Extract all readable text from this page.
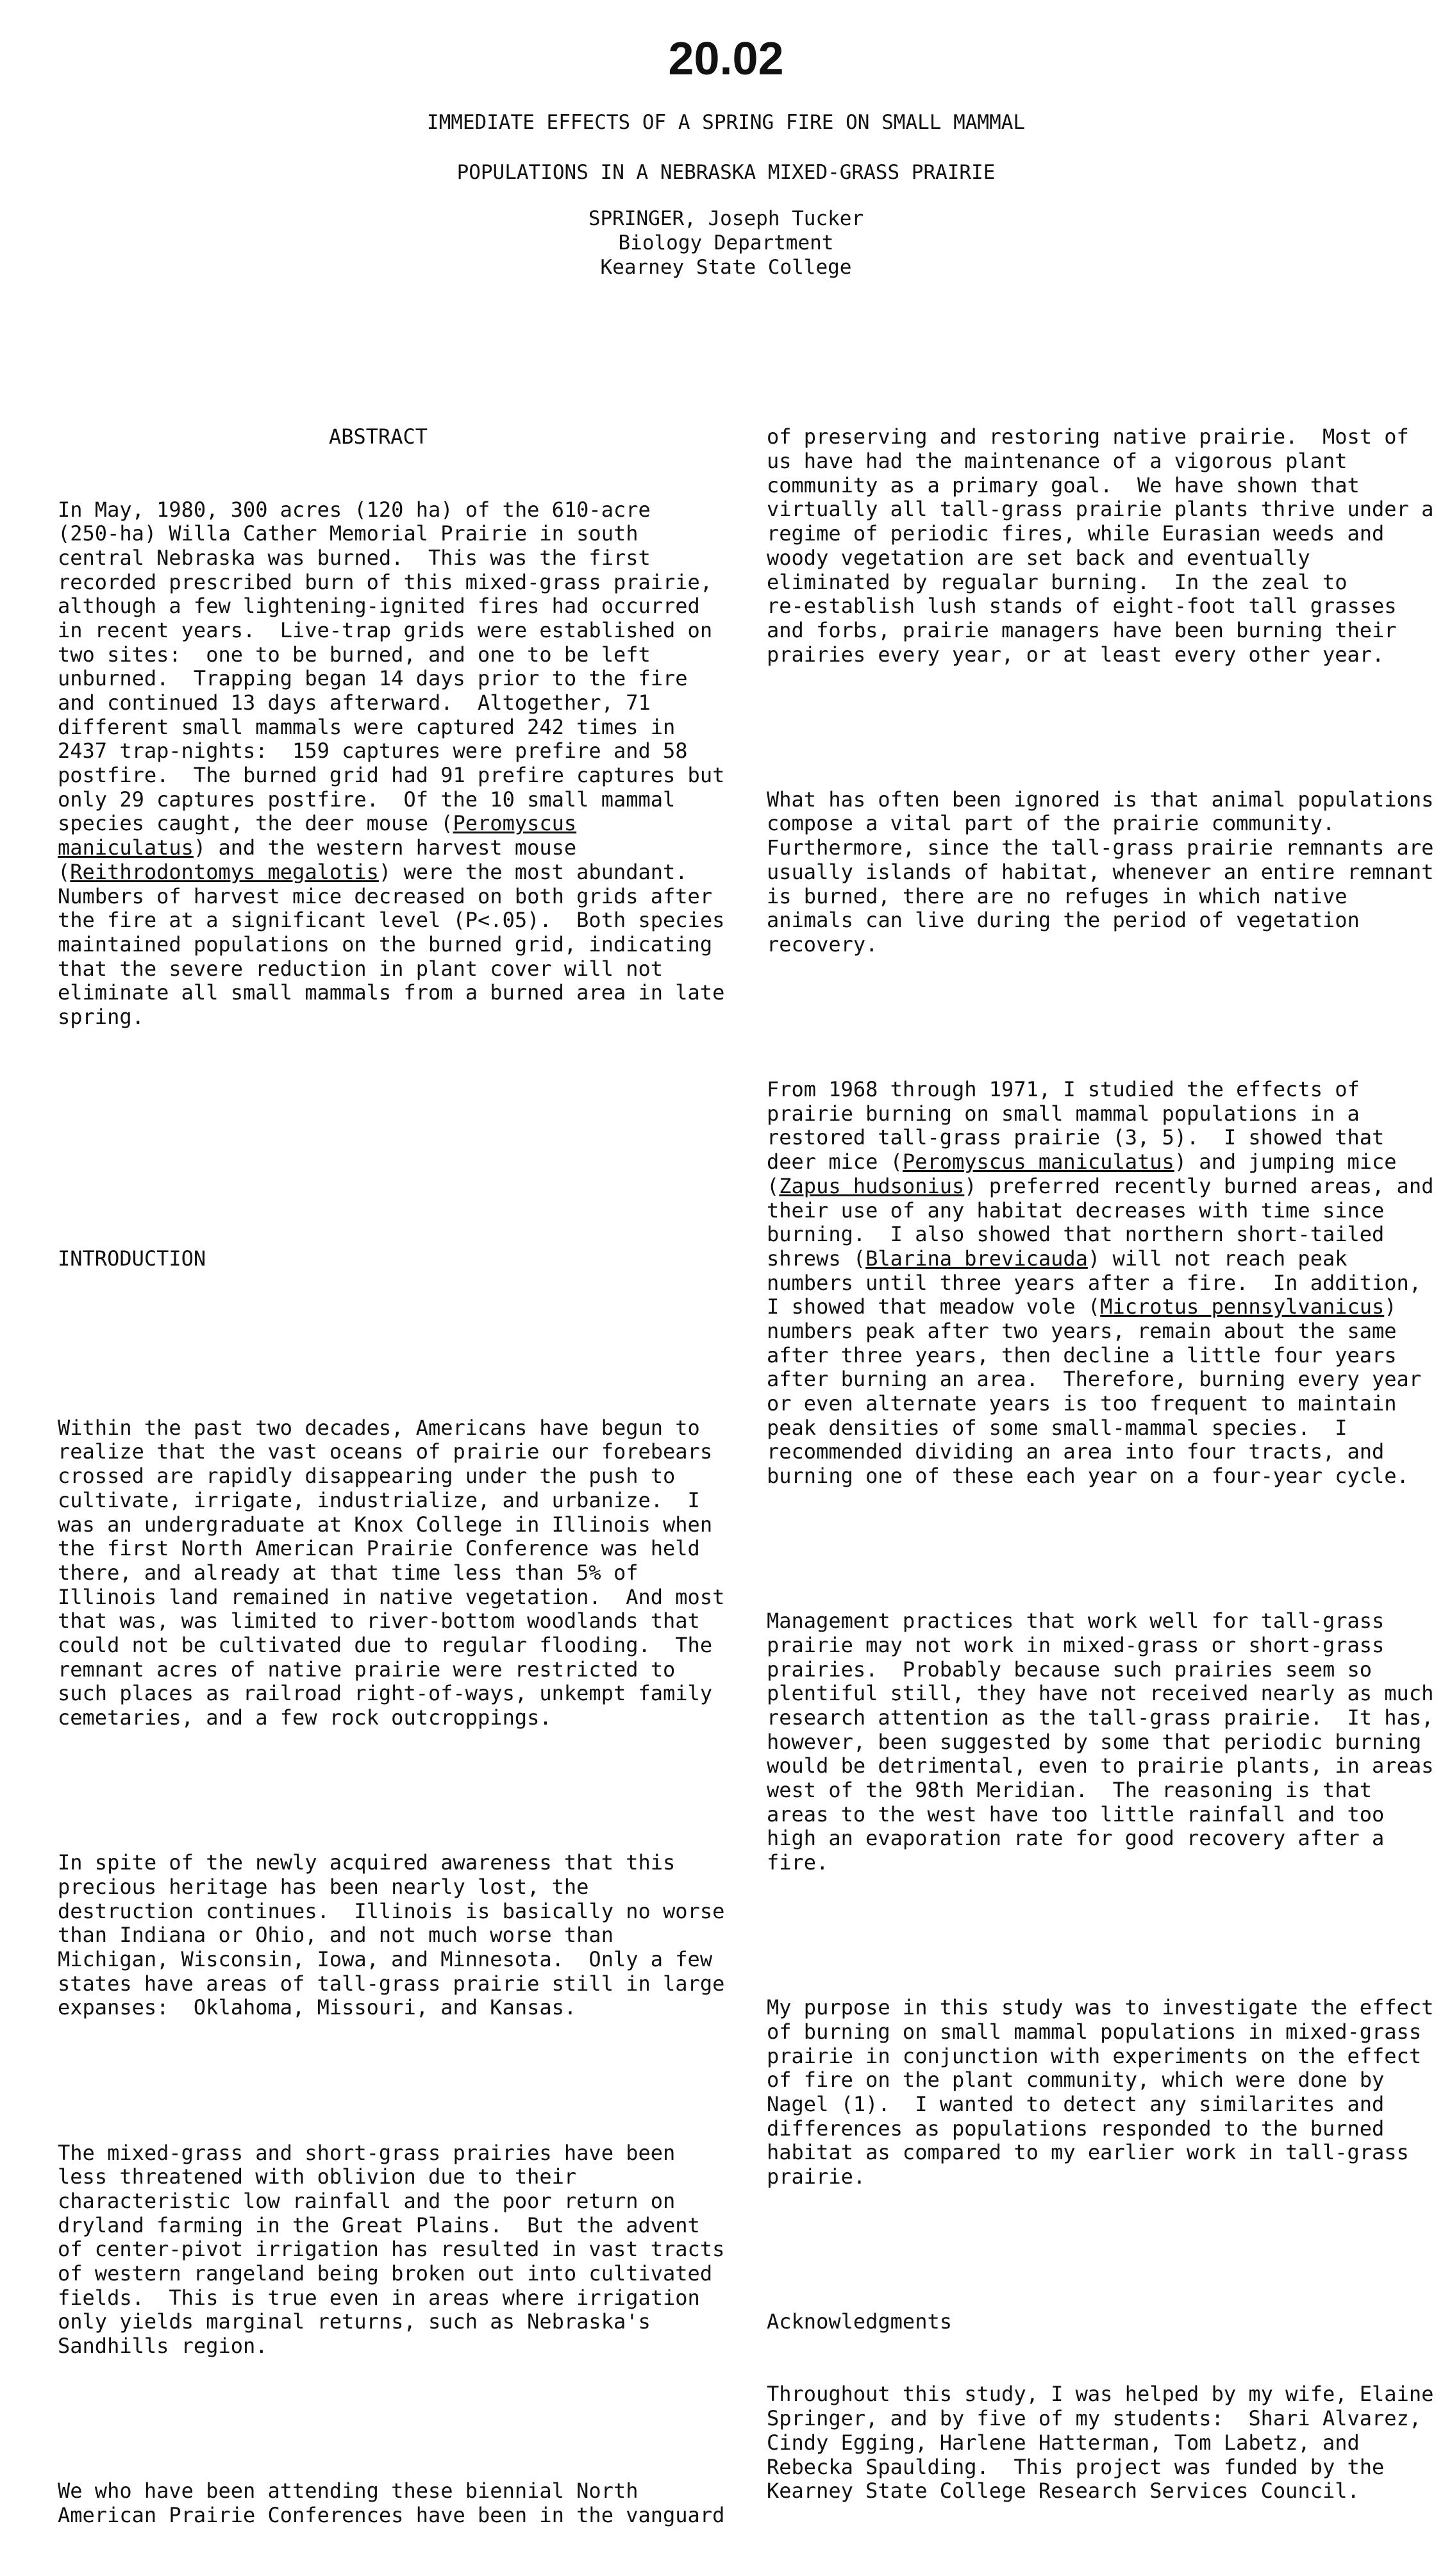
20.02
IMMEDIATE EFFECTS OF A SPRING FIRE ON SMALL MAMMAL
POPULATIONS IN A NEBRASKA MIXED-GRASS PRAIRIE
SPRINGER, Joseph Tucker
Biology Department
Kearney State College

ABSTRACT

In May, 1980, 300 acres (120 ha) of the 610-acre
(250-ha) Willa Cather Memorial Prairie in south
central Nebraska was burned.  This was the first
recorded prescribed burn of this mixed-grass prairie,
although a few lightening-ignited fires had occurred
in recent years.  Live-trap grids were established on
two sites:  one to be burned, and one to be left
unburned.  Trapping began 14 days prior to the fire
and continued 13 days afterward.  Altogether, 71
different small mammals were captured 242 times in
2437 trap-nights:  159 captures were prefire and 58
postfire.  The burned grid had 91 prefire captures but
only 29 captures postfire.  Of the 10 small mammal
species caught, the deer mouse (Peromyscus
maniculatus) and the western harvest mouse
(Reithrodontomys megalotis) were the most abundant.
Numbers of harvest mice decreased on both grids after
the fire at a significant level (P<.05).  Both species
maintained populations on the burned grid, indicating
that the severe reduction in plant cover will not
eliminate all small mammals from a burned area in late
spring.

INTRODUCTION

Within the past two decades, Americans have begun to
realize that the vast oceans of prairie our forebears
crossed are rapidly disappearing under the push to
cultivate, irrigate, industrialize, and urbanize.  I
was an undergraduate at Knox College in Illinois when
the first North American Prairie Conference was held
there, and already at that time less than 5% of
Illinois land remained in native vegetation.  And most
that was, was limited to river-bottom woodlands that
could not be cultivated due to regular flooding.  The
remnant acres of native prairie were restricted to
such places as railroad right-of-ways, unkempt family
cemetaries, and a few rock outcroppings.

In spite of the newly acquired awareness that this
precious heritage has been nearly lost, the
destruction continues.  Illinois is basically no worse
than Indiana or Ohio, and not much worse than
Michigan, Wisconsin, Iowa, and Minnesota.  Only a few
states have areas of tall-grass prairie still in large
expanses:  Oklahoma, Missouri, and Kansas.

The mixed-grass and short-grass prairies have been
less threatened with oblivion due to their
characteristic low rainfall and the poor return on
dryland farming in the Great Plains.  But the advent
of center-pivot irrigation has resulted in vast tracts
of western rangeland being broken out into cultivated
fields.  This is true even in areas where irrigation
only yields marginal returns, such as Nebraska's
Sandhills region.

We who have been attending these biennial North
American Prairie Conferences have been in the vanguard

of preserving and restoring native prairie.  Most of
us have had the maintenance of a vigorous plant
community as a primary goal.  We have shown that
virtually all tall-grass prairie plants thrive under a
regime of periodic fires, while Eurasian weeds and
woody vegetation are set back and eventually
eliminated by regualar burning.  In the zeal to
re-establish lush stands of eight-foot tall grasses
and forbs, prairie managers have been burning their
prairies every year, or at least every other year.

What has often been ignored is that animal populations
compose a vital part of the prairie community.
Furthermore, since the tall-grass prairie remnants are
usually islands of habitat, whenever an entire remnant
is burned, there are no refuges in which native
animals can live during the period of vegetation
recovery.

From 1968 through 1971, I studied the effects of
prairie burning on small mammal populations in a
restored tall-grass prairie (3, 5).  I showed that
deer mice (Peromyscus maniculatus) and jumping mice
(Zapus hudsonius) preferred recently burned areas, and
their use of any habitat decreases with time since
burning.  I also showed that northern short-tailed
shrews (Blarina brevicauda) will not reach peak
numbers until three years after a fire.  In addition,
I showed that meadow vole (Microtus pennsylvanicus)
numbers peak after two years, remain about the same
after three years, then decline a little four years
after burning an area.  Therefore, burning every year
or even alternate years is too frequent to maintain
peak densities of some small-mammal species.  I
recommended dividing an area into four tracts, and
burning one of these each year on a four-year cycle.

Management practices that work well for tall-grass
prairie may not work in mixed-grass or short-grass
prairies.  Probably because such prairies seem so
plentiful still, they have not received nearly as much
research attention as the tall-grass prairie.  It has,
however, been suggested by some that periodic burning
would be detrimental, even to prairie plants, in areas
west of the 98th Meridian.  The reasoning is that
areas to the west have too little rainfall and too
high an evaporation rate for good recovery after a
fire.

My purpose in this study was to investigate the effect
of burning on small mammal populations in mixed-grass
prairie in conjunction with experiments on the effect
of fire on the plant community, which were done by
Nagel (1).  I wanted to detect any similarites and
differences as populations responded to the burned
habitat as compared to my earlier work in tall-grass
prairie.

Acknowledgments

Throughout this study, I was helped by my wife, Elaine
Springer, and by five of my students:  Shari Alvarez,
Cindy Egging, Harlene Hatterman, Tom Labetz, and
Rebecka Spaulding.  This project was funded by the
Kearney State College Research Services Council.
